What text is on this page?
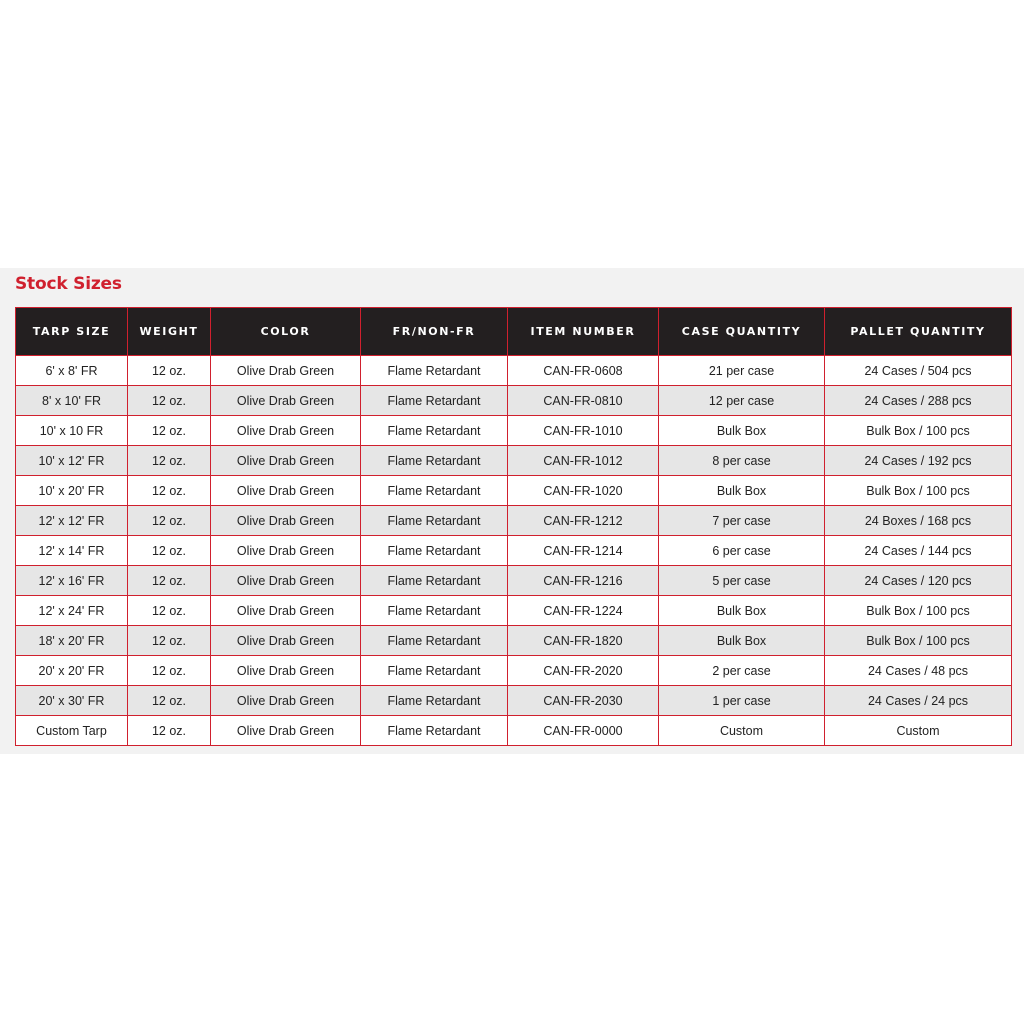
Stock Sizes
TARP SIZE	WEIGHT	COLOR	FR/NON-FR	ITEM NUMBER	CASE QUANTITY	PALLET QUANTITY
6' x 8' FR	12 oz.	Olive Drab Green	Flame Retardant	CAN-FR-0608	21 per case	24 Cases / 504 pcs
8' x 10' FR	12 oz.	Olive Drab Green	Flame Retardant	CAN-FR-0810	12 per case	24 Cases / 288 pcs
10' x 10 FR	12 oz.	Olive Drab Green	Flame Retardant	CAN-FR-1010	Bulk Box	Bulk Box / 100 pcs
10' x 12' FR	12 oz.	Olive Drab Green	Flame Retardant	CAN-FR-1012	8 per case	24 Cases / 192 pcs
10' x 20' FR	12 oz.	Olive Drab Green	Flame Retardant	CAN-FR-1020	Bulk Box	Bulk Box / 100 pcs
12' x 12' FR	12 oz.	Olive Drab Green	Flame Retardant	CAN-FR-1212	7 per case	24 Boxes / 168 pcs
12' x 14' FR	12 oz.	Olive Drab Green	Flame Retardant	CAN-FR-1214	6 per case	24 Cases / 144 pcs
12' x 16' FR	12 oz.	Olive Drab Green	Flame Retardant	CAN-FR-1216	5 per case	24 Cases / 120 pcs
12' x 24' FR	12 oz.	Olive Drab Green	Flame Retardant	CAN-FR-1224	Bulk Box	Bulk Box / 100 pcs
18' x 20' FR	12 oz.	Olive Drab Green	Flame Retardant	CAN-FR-1820	Bulk Box	Bulk Box / 100 pcs
20' x 20' FR	12 oz.	Olive Drab Green	Flame Retardant	CAN-FR-2020	2 per case	24 Cases / 48 pcs
20' x 30' FR	12 oz.	Olive Drab Green	Flame Retardant	CAN-FR-2030	1 per case	24 Cases / 24 pcs
Custom Tarp	12 oz.	Olive Drab Green	Flame Retardant	CAN-FR-0000	Custom	Custom
